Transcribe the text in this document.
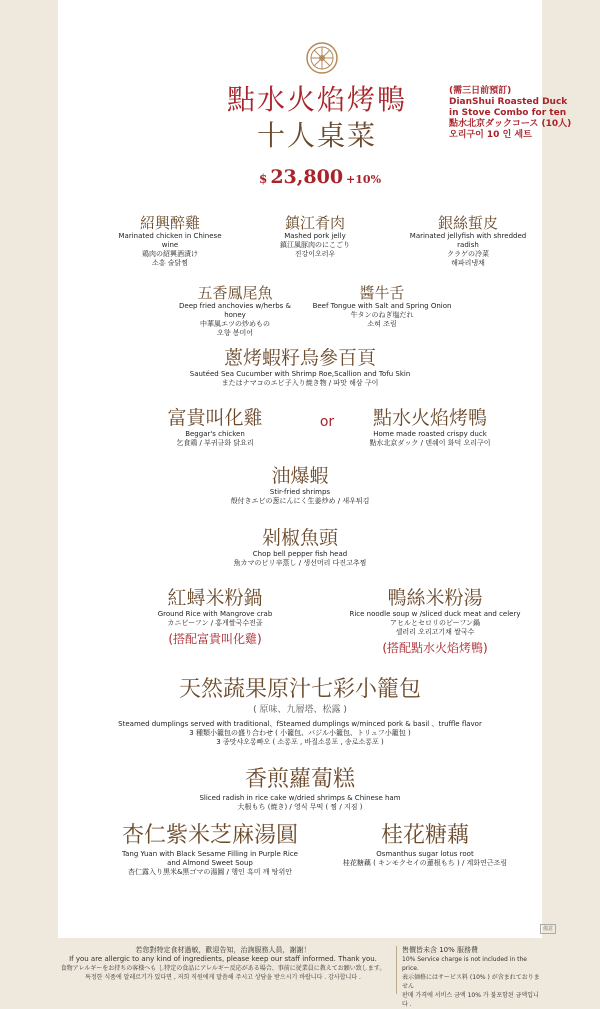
點水火焰烤鴨
十人桌菜
(需三日前預訂)
DianShui Roasted Duck
in Stove Combo for ten
點水北京ダックコース (10人)
오리구이 10 인 세트
$ 23,800 +10%
紹興醉雞
Marinated chicken in Chinese wine
鶏肉の紹興酒漬け
소흥 술닭찜
鎮江肴肉
Mashed pork jelly
鎮江風豚肉のにこごり
진강이오러우
銀絲蜇皮
Marinated jellyfish with shredded radish
クラゲの冷菜
해파리냉채
五香鳳尾魚
Deep fried anchovies w/herbs & honey
中華風エツの炒めもの
오향 봉미어
醬牛舌
Beef Tongue with Salt and Spring Onion
牛タンのねぎ塩だれ
소혀 조림
蔥烤蝦籽烏參百頁
Sautéed Sea Cucumber with Shrimp Roe,Scallion and Tofu Skin
またはナマコのエビ子入り焼き物 / 파맛 해삼 구이
富貴叫化雞
Beggar's chicken
乞食鶏 / 부귀규화 닭요리
or	點水火焰烤鴨
Home made roasted crispy duck
點水北京ダック / 덴쉐이 화덕 오리구이
油爆蝦
Stir-fried shrimps
殻付きエビの葱にんにく生姜炒め / 새우튀김
剁椒魚頭
Chop bell pepper fish head
魚カマのピリ辛蒸し / 생선머리 다진고추찜
紅蟳米粉鍋
Ground Rice with Mangrove crab
カニビーフン / 홍게쌀국수전골
(搭配富貴叫化雞)
鴨絲米粉湯
Rice noodle soup w /sliced duck meat and celery
アヒルとセロリのビーフン鍋
셀러리 오리고기채 쌀국수
(搭配點水火焰烤鴨)
天然蔬果原汁七彩小籠包
( 原味、九層塔、松露 )
Steamed dumplings served with traditional、fSteamed dumplings w/minced pork & basil 、truffle flavor
3 種類小籠包の盛り合わせ ( 小籠包、バジル小籠包、トリュフ小籠包 )
3 종맛샤오롱빠오 ( 소롱포 , 바질소롱포 , 송로소롱포 )
香煎蘿蔔糕
Sliced radish in rice cake w/dried shrimps & Chinese ham
大根もち (焼き) / 영식 무떡 ( 찜 / 지짐 )
杏仁紫米芝麻湯圓
Tang Yuan with Black Sesame Filling in Purple Rice
and Almond Sweet Soup
杏仁露入り黒米&黒ゴマの湯圓 / 행인 흑미 깨 탕위안
桂花糖藕
Osmanthus sugar lotus root
桂花糖藕 ( キンモクセイの蓮根もち ) / 계화연근조림
備意
若您對特定食材過敏，歡迎告知，治詢服務人員，謝謝！
If you are allergic to any kind of ingredients, please keep our staff informed. Thank you.
食物アレルギーをお持ちの客様へも し特定の食品にアレルギー反応がある場合、事前に従業員に教えてお願い致します。
특정한 식품에 알레르기가 있다면 , 저희 직원에게 말씀해 주시고 상담을 받으시기 바랍니다 . 감사합니다 .
售價皆未含 10% 服務費
10% Service charge is not included in the price.
表示価格にはサービス料 (10% ) が含まれておりません
판매 가격에 서비스 금액 10% 가 불포함된 금액입니다 .
